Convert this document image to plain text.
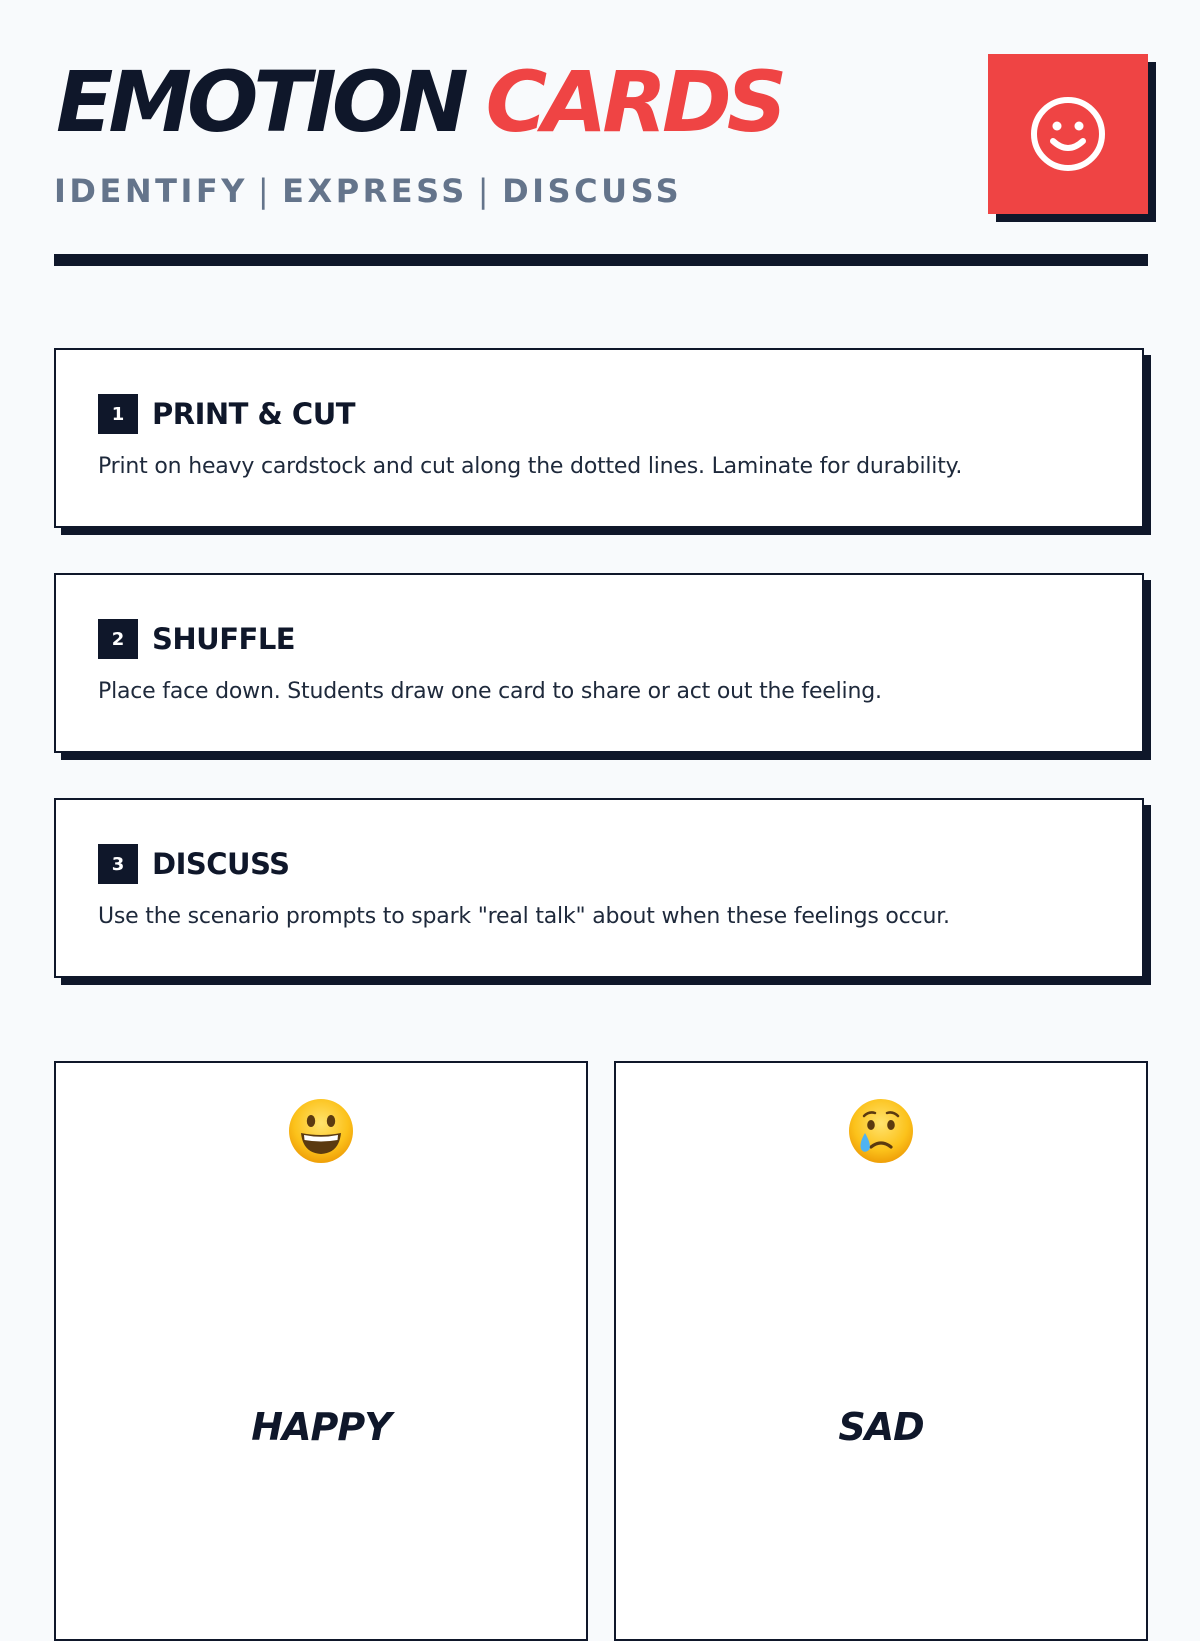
EMOTION CARDS
IDENTIFY | EXPRESS | DISCUSS
1 PRINT & CUT
Print on heavy cardstock and cut along the dotted lines. Laminate for durability.
2 SHUFFLE
Place face down. Students draw one card to share or act out the feeling.
3 DISCUSS
Use the scenario prompts to spark "real talk" about when these feelings occur.
HAPPY	SAD
